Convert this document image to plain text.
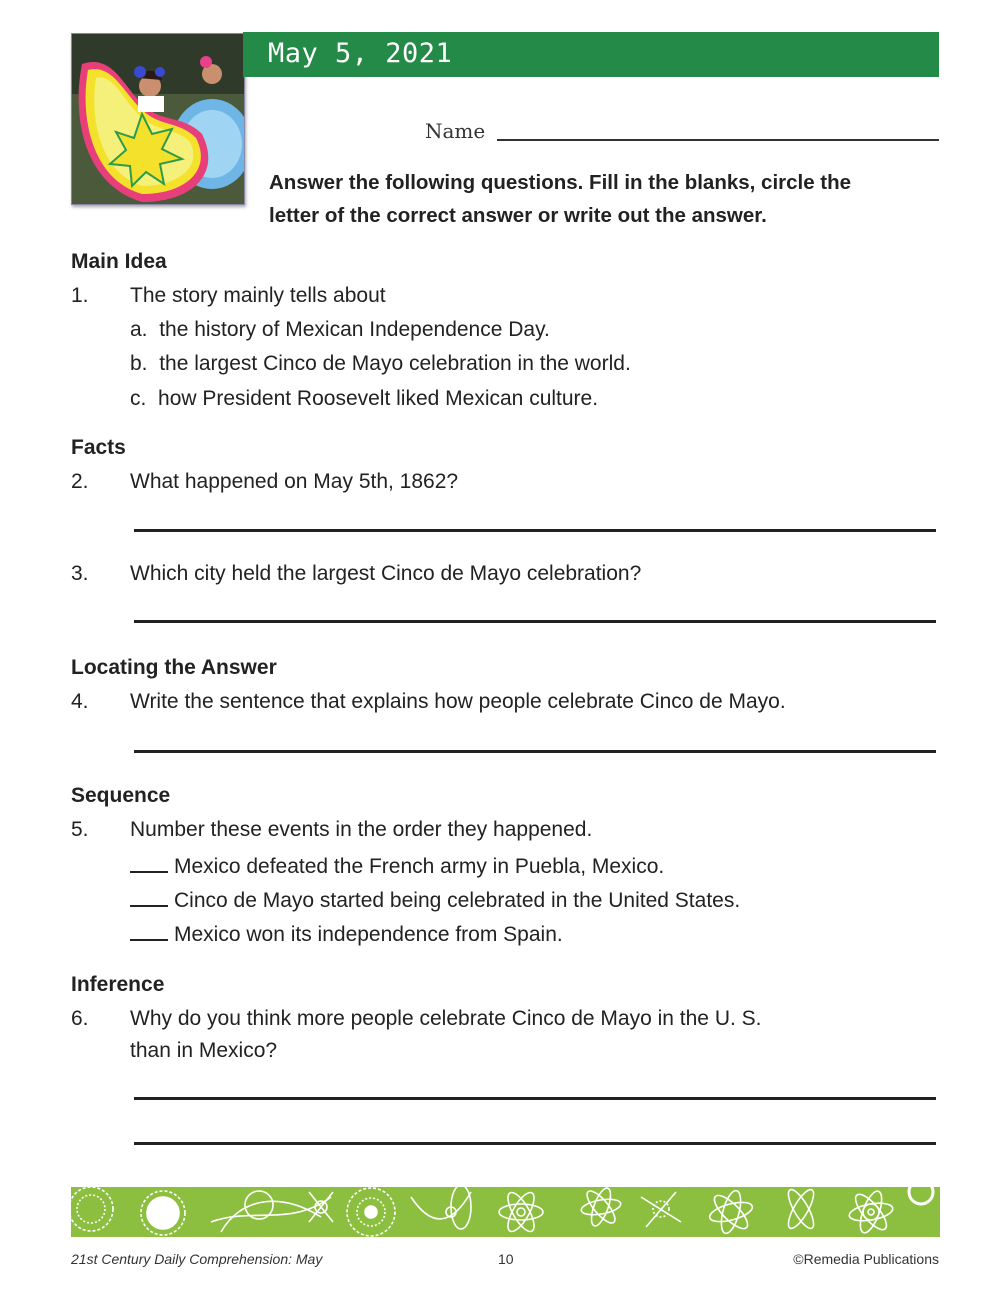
May 5, 2021
Name
Answer the following questions. Fill in the blanks, circle the
letter of the correct answer or write out the answer.
Main Idea
1. The story mainly tells about
a. the history of Mexican Independence Day.
b. the largest Cinco de Mayo celebration in the world.
c. how President Roosevelt liked Mexican culture.
Facts
2. What happened on May 5th, 1862?
3. Which city held the largest Cinco de Mayo celebration?
Locating the Answer
4. Write the sentence that explains how people celebrate Cinco de Mayo.
Sequence
5. Number these events in the order they happened.
Mexico defeated the French army in Puebla, Mexico.
Cinco de Mayo started being celebrated in the United States.
Mexico won its independence from Spain.
Inference
6. Why do you think more people celebrate Cinco de Mayo in the U. S.
than in Mexico?
21st Century Daily Comprehension: May	10	©Remedia Publications
